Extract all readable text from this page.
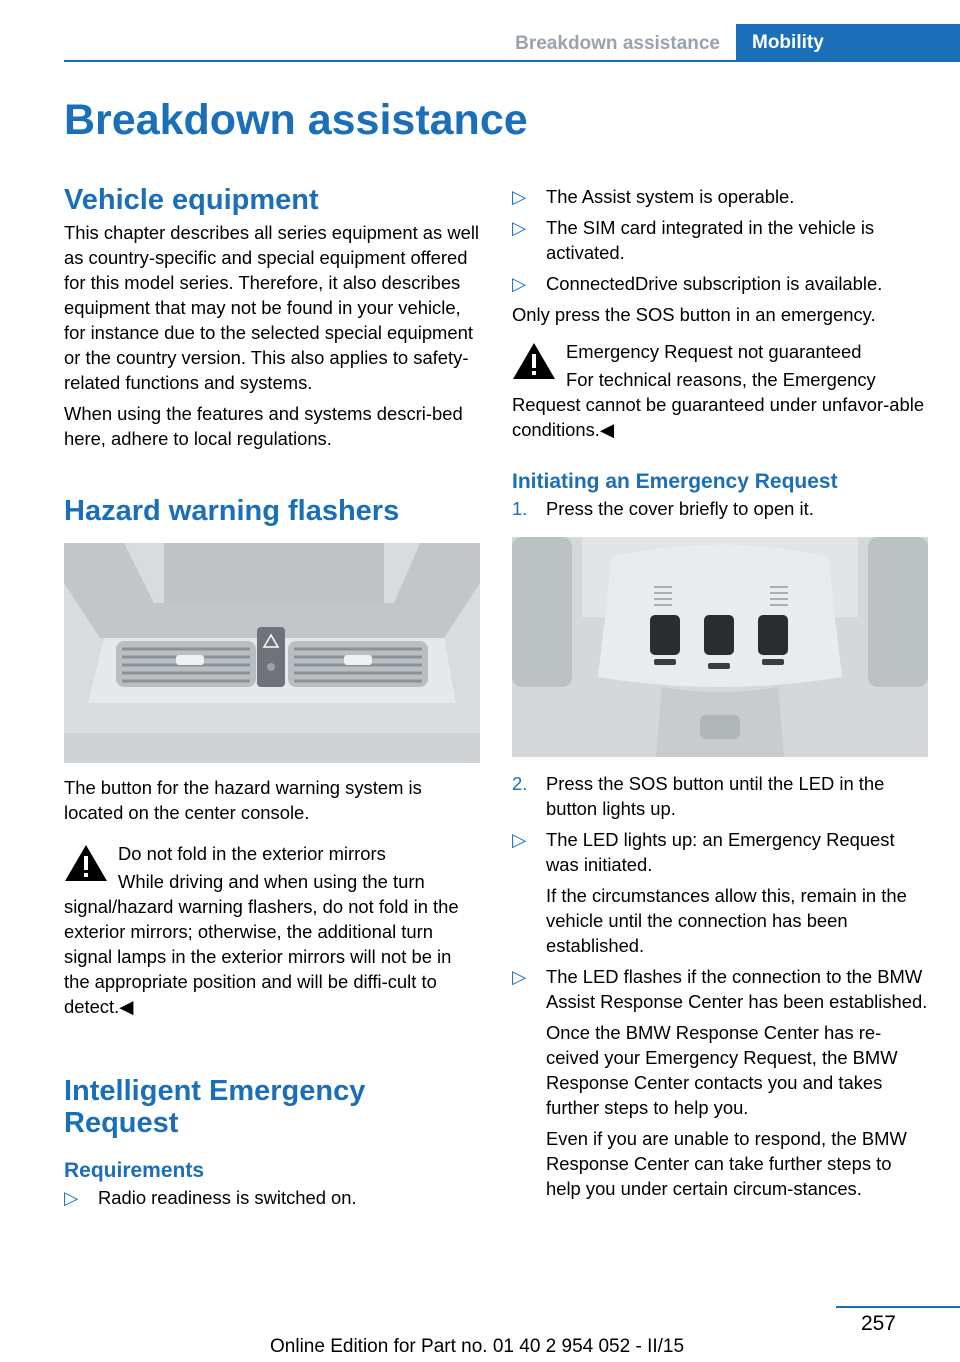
Breakdown assistance	Mobility
Breakdown assistance
Vehicle equipment

This chapter describes all series equipment as well as country-specific and special equipment offered for this model series. Therefore, it also describes equipment that may not be found in your vehicle, for instance due to the selected special equipment or the country version. This also applies to safety-related functions and systems.

When using the features and systems descri‐bed here, adhere to local regulations.

Hazard warning flashers

The button for the hazard warning system is located on the center console.

Do not fold in the exterior mirrors

While driving and when using the turn signal/hazard warning flashers, do not fold in the exterior mirrors; otherwise, the additional turn signal lamps in the exterior mirrors will not be in the appropriate position and will be diffi‐cult to detect.◀

Intelligent Emergency Request
Requirements
▷	Radio readiness is switched on.
▷	The Assist system is operable.
▷	The SIM card integrated in the vehicle is activated.
▷	ConnectedDrive subscription is available.

Only press the SOS button in an emergency.

Emergency Request not guaranteed

For technical reasons, the Emergency Request cannot be guaranteed under unfavor‐able conditions.◀

Initiating an Emergency Request
1.	Press the cover briefly to open it.
2.	Press the SOS button until the LED in the button lights up.
▷	The LED lights up: an Emergency Request was initiated.
If the circumstances allow this, remain in the vehicle until the connection has been established.
▷	The LED flashes if the connection to the BMW Assist Response Center has been established.
Once the BMW Response Center has re‐ceived your Emergency Request, the BMW Response Center contacts you and takes further steps to help you.
Even if you are unable to respond, the BMW Response Center can take further steps to help you under certain circum‐stances.
257
Online Edition for Part no. 01 40 2 954 052 - II/15
